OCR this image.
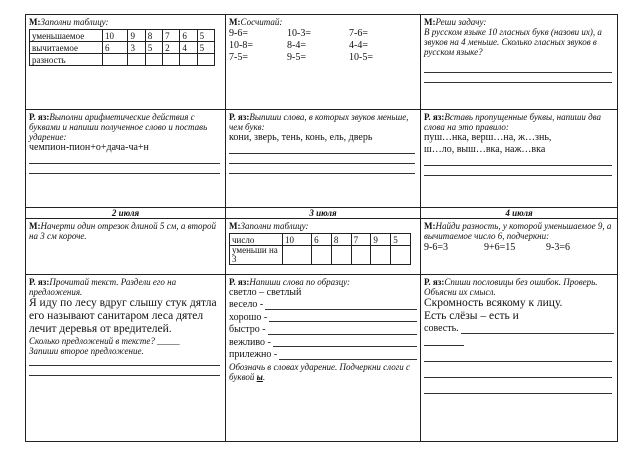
М:Заполни таблицу:
уменьшаемое	10	9	8	7	6	5
вычитаемое	6	3	5	2	4	5
разность						

М:Сосчитай:
9-6=	10-3=	7-6=
10-8=	8-4=	4-4=
7-5=	9-5=	10-5=

М:Реши задачу:
В русском языке 10 гласных букв (назови их), а звуков на 4 меньше. Сколько гласных звуков в русском языке?

Р. яз:Выполни арифметические действия с буквами и напиши полученное слово и поставь ударение:
чемпион-пион+о+дача-ча+н

Р. яз:Выпиши слова, в которых звуков меньше, чем букв:
кони, зверь, тень, конь, ель, дверь

Р. яз:Вставь пропущенные буквы, напиши два слова на это правило:
пуш…нка, верш…на, ж…знь,
ш…ло, выш…вка, наж…вка

2 июля	3 июля	4 июля

М:Начерти один отрезок длиной 5 см, а второй на 3 см короче.

М:Заполни таблицу:
число	10	6	8	7	9	5
уменьши на 3						

М:Найди разность, у которой уменьшаемое 9, а вычитаемое число 6, подчеркни:
9-6=3	9+6=15	9-3=6

Р. яз:Прочитай текст. Раздели его на предложения.
Я иду по лесу вдруг слышу стук дятла его называют санитаром леса дятел лечит деревья от вредителей.
Сколько предложений в тексте? _____
Запиши второе предложение.

Р. яз:Напиши слова по образцу:
светло – светлый
весело -
хорошо -
быстро -
вежливо -
прилежно -
Обозначь в словах ударение. Подчеркни слоги с буквой ы.

Р. яз:Спиши пословицы без ошибок. Проверь. Объясни их смысл.
Скромность всякому к лицу.
Есть слёзы – есть и
совесть.
